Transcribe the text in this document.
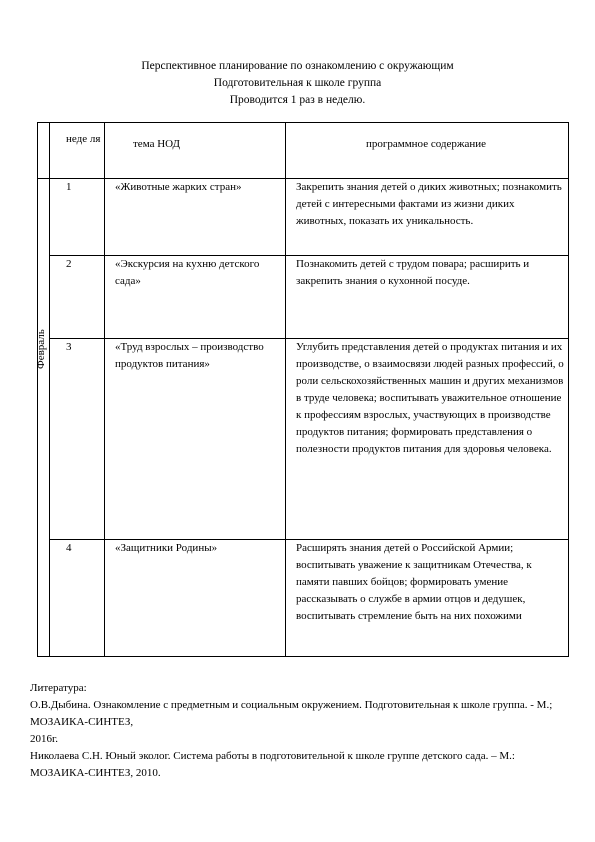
Перспективное планирование по ознакомлению с окружающим
Подготовительная к школе группа
Проводится 1 раз в неделю.
	неде ля	тема НОД	программное содержание

Февраль	1	«Животные жарких стран»	Закрепить знания детей о диких животных; познакомить детей с интересными фактами из жизни диких животных, показать их уникальность.
	2	«Экскурсия на кухню детского сада»	Познакомить детей с трудом повара; расширить и закрепить знания о кухонной посуде.
	3	«Труд взрослых – производство продуктов питания»	Углубить представления детей о продуктах питания и их производстве, о взаимосвязи людей разных профессий, о роли сельскохозяйственных машин и других механизмов в труде человека; воспитывать уважительное отношение к профессиям взрослых, участвующих в производстве продуктов питания; формировать представления о полезности продуктов питания для здоровья человека.
	4	«Защитники Родины»	Расширять знания детей о Российской Армии; воспитывать уважение к защитникам Отечества, к памяти павших бойцов; формировать умение рассказывать о службе в армии отцов и дедушек, воспитывать стремление быть на них похожими

Литература:

О.В.Дыбина. Ознакомление с предметным и социальным окружением. Подготовительная к школе группа. - М.; МОЗАИКА-СИНТЕЗ,

2016г.

Николаева С.Н. Юный эколог. Система работы в подготовительной к школе группе детского сада. – М.: МОЗАИКА-СИНТЕЗ, 2010.
